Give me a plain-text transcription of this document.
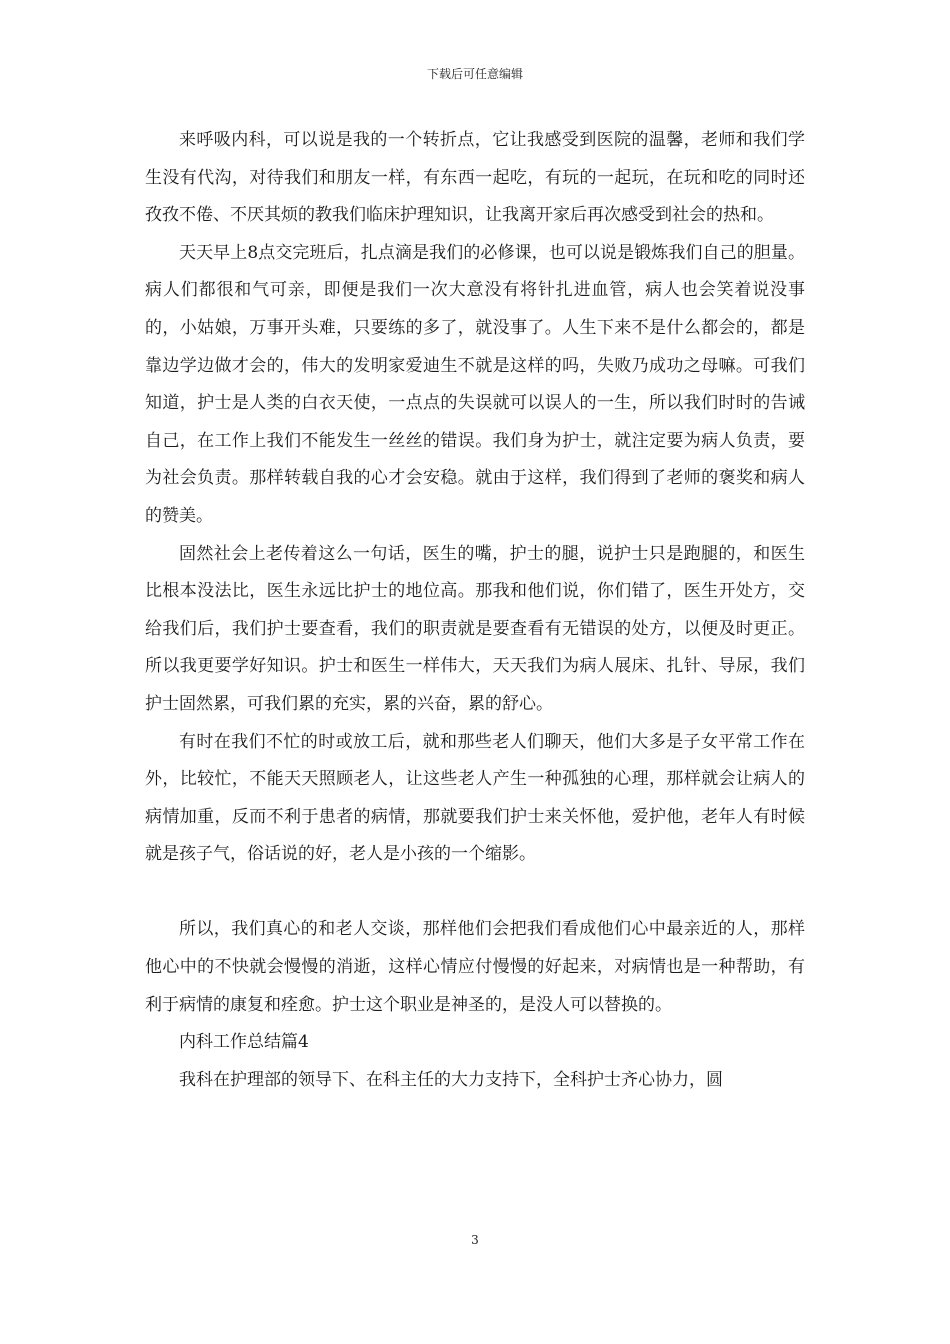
下载后可任意编辑

来呼吸内科，可以说是我的一个转折点，它让我感受到医院的温馨，老师和我们学生没有代沟，对待我们和朋友一样，有东西一起吃，有玩的一起玩，在玩和吃的同时还孜孜不倦、不厌其烦的教我们临床护理知识，让我离开家后再次感受到社会的热和。

天天早上8点交完班后，扎点滴是我们的必修课，也可以说是锻炼我们自己的胆量。病人们都很和气可亲，即便是我们一次大意没有将针扎进血管，病人也会笑着说没事的，小姑娘，万事开头难，只要练的多了，就没事了。人生下来不是什么都会的，都是靠边学边做才会的，伟大的发明家爱迪生不就是这样的吗，失败乃成功之母嘛。可我们知道，护士是人类的白衣天使，一点点的失误就可以误人的一生，所以我们时时的告诫自己，在工作上我们不能发生一丝丝的错误。我们身为护士，就注定要为病人负责，要为社会负责。那样转载自我的心才会安稳。就由于这样，我们得到了老师的褒奖和病人的赞美。

固然社会上老传着这么一句话，医生的嘴，护士的腿，说护士只是跑腿的，和医生比根本没法比，医生永远比护士的地位高。那我和他们说，你们错了，医生开处方，交给我们后，我们护士要查看，我们的职责就是要查看有无错误的处方，以便及时更正。所以我更要学好知识。护士和医生一样伟大，天天我们为病人展床、扎针、导尿，我们护士固然累，可我们累的充实，累的兴奋，累的舒心。

有时在我们不忙的时或放工后，就和那些老人们聊天，他们大多是子女平常工作在外，比较忙，不能天天照顾老人，让这些老人产生一种孤独的心理，那样就会让病人的病情加重，反而不利于患者的病情，那就要我们护士来关怀他，爱护他，老年人有时候就是孩子气，俗话说的好，老人是小孩的一个缩影。

所以，我们真心的和老人交谈，那样他们会把我们看成他们心中最亲近的人，那样他心中的不快就会慢慢的消逝，这样心情应付慢慢的好起来，对病情也是一种帮助，有利于病情的康复和痊愈。护士这个职业是神圣的，是没人可以替换的。

内科工作总结篇4

我科在护理部的领导下、在科主任的大力支持下，全科护士齐心协力，圆

3
